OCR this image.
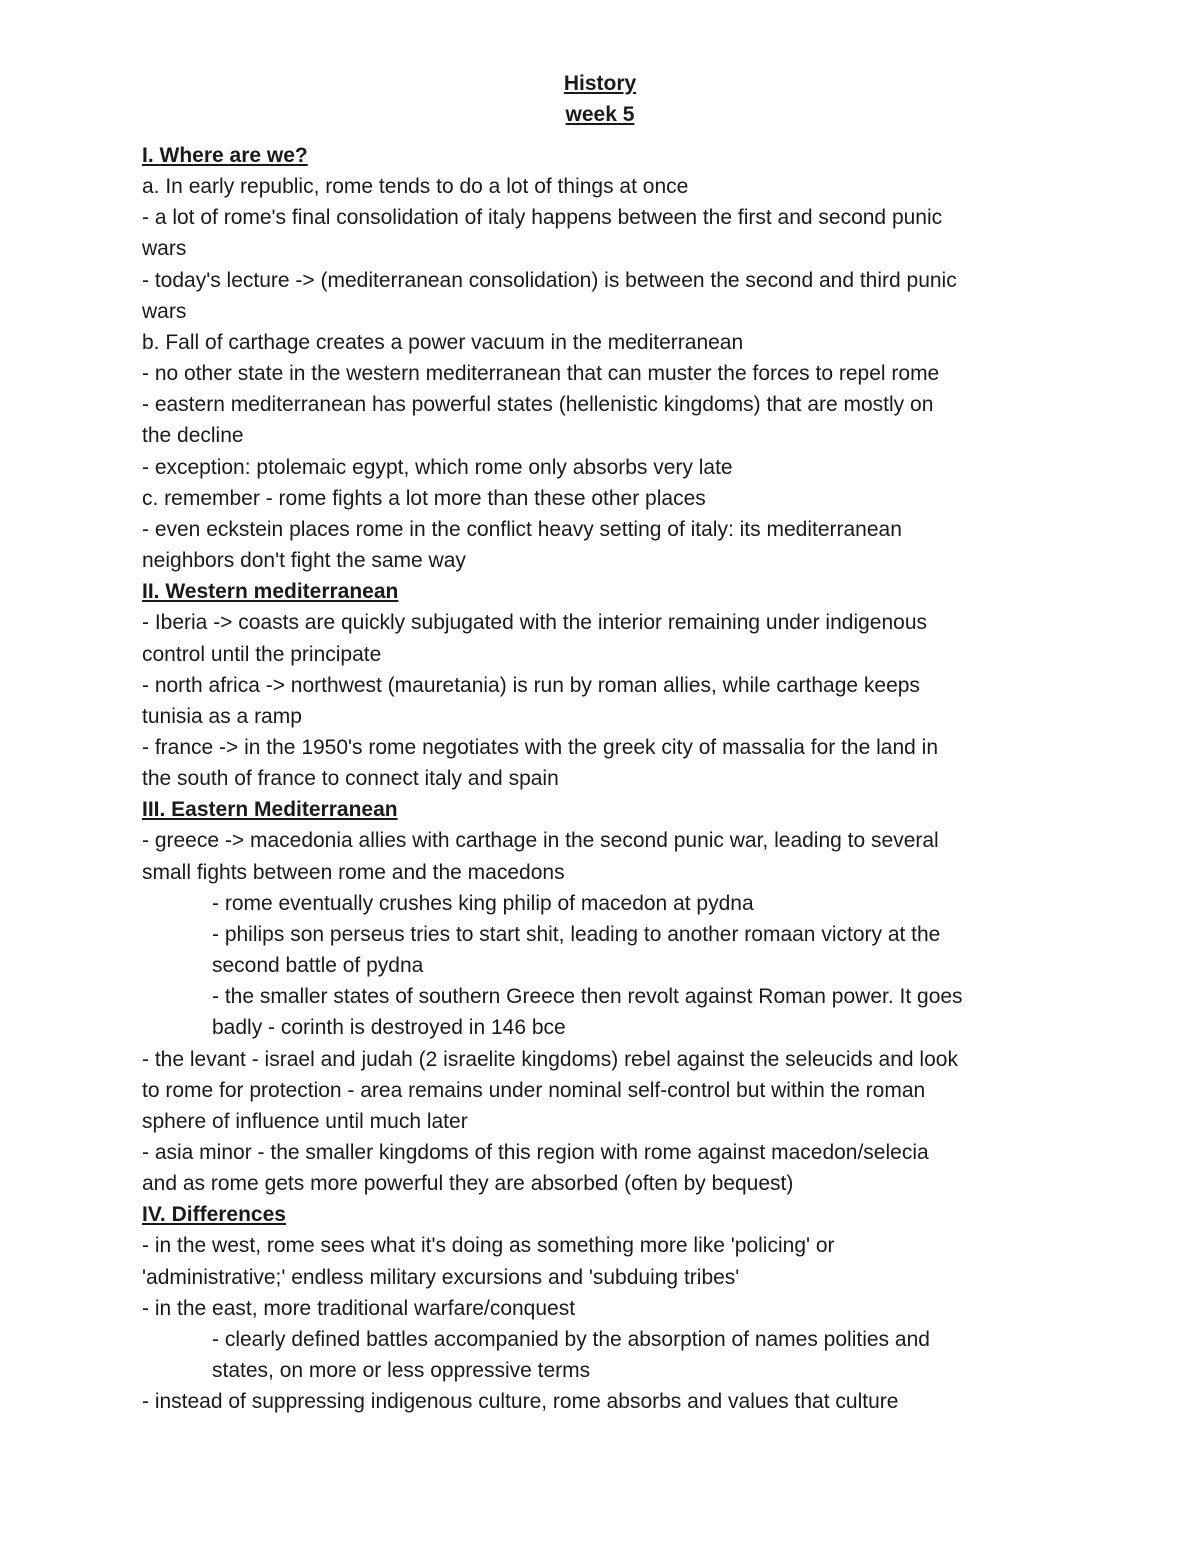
History
week 5
I. Where are we?
a. In early republic, rome tends to do a lot of things at once
- a lot of rome's final consolidation of italy happens between the first and second punic
wars
- today's lecture -> (mediterranean consolidation) is between the second and third punic
wars
b. Fall of carthage creates a power vacuum in the mediterranean
- no other state in the western mediterranean that can muster the forces to repel rome
- eastern mediterranean has powerful states (hellenistic kingdoms) that are mostly on
the decline
- exception: ptolemaic egypt, which rome only absorbs very late
c. remember - rome fights a lot more than these other places
- even eckstein places rome in the conflict heavy setting of italy: its mediterranean
neighbors don't fight the same way
II. Western mediterranean
- Iberia -> coasts are quickly subjugated with the interior remaining under indigenous
control until the principate
- north africa -> northwest (mauretania) is run by roman allies, while carthage keeps
tunisia as a ramp
- france -> in the 1950's rome negotiates with the greek city of massalia for the land in
the south of france to connect italy and spain
III. Eastern Mediterranean
- greece -> macedonia allies with carthage in the second punic war, leading to several
small fights between rome and the macedons
- rome eventually crushes king philip of macedon at pydna
- philips son perseus tries to start shit, leading to another romaan victory at the
second battle of pydna
- the smaller states of southern Greece then revolt against Roman power. It goes
badly - corinth is destroyed in 146 bce
- the levant - israel and judah (2 israelite kingdoms) rebel against the seleucids and look
to rome for protection - area remains under nominal self-control but within the roman
sphere of influence until much later
- asia minor - the smaller kingdoms of this region with rome against macedon/selecia
and as rome gets more powerful they are absorbed (often by bequest)
IV. Differences
- in the west, rome sees what it's doing as something more like 'policing' or
'administrative;' endless military excursions and 'subduing tribes'
- in the east, more traditional warfare/conquest
- clearly defined battles accompanied by the absorption of names polities and
states, on more or less oppressive terms
- instead of suppressing indigenous culture, rome absorbs and values that culture
